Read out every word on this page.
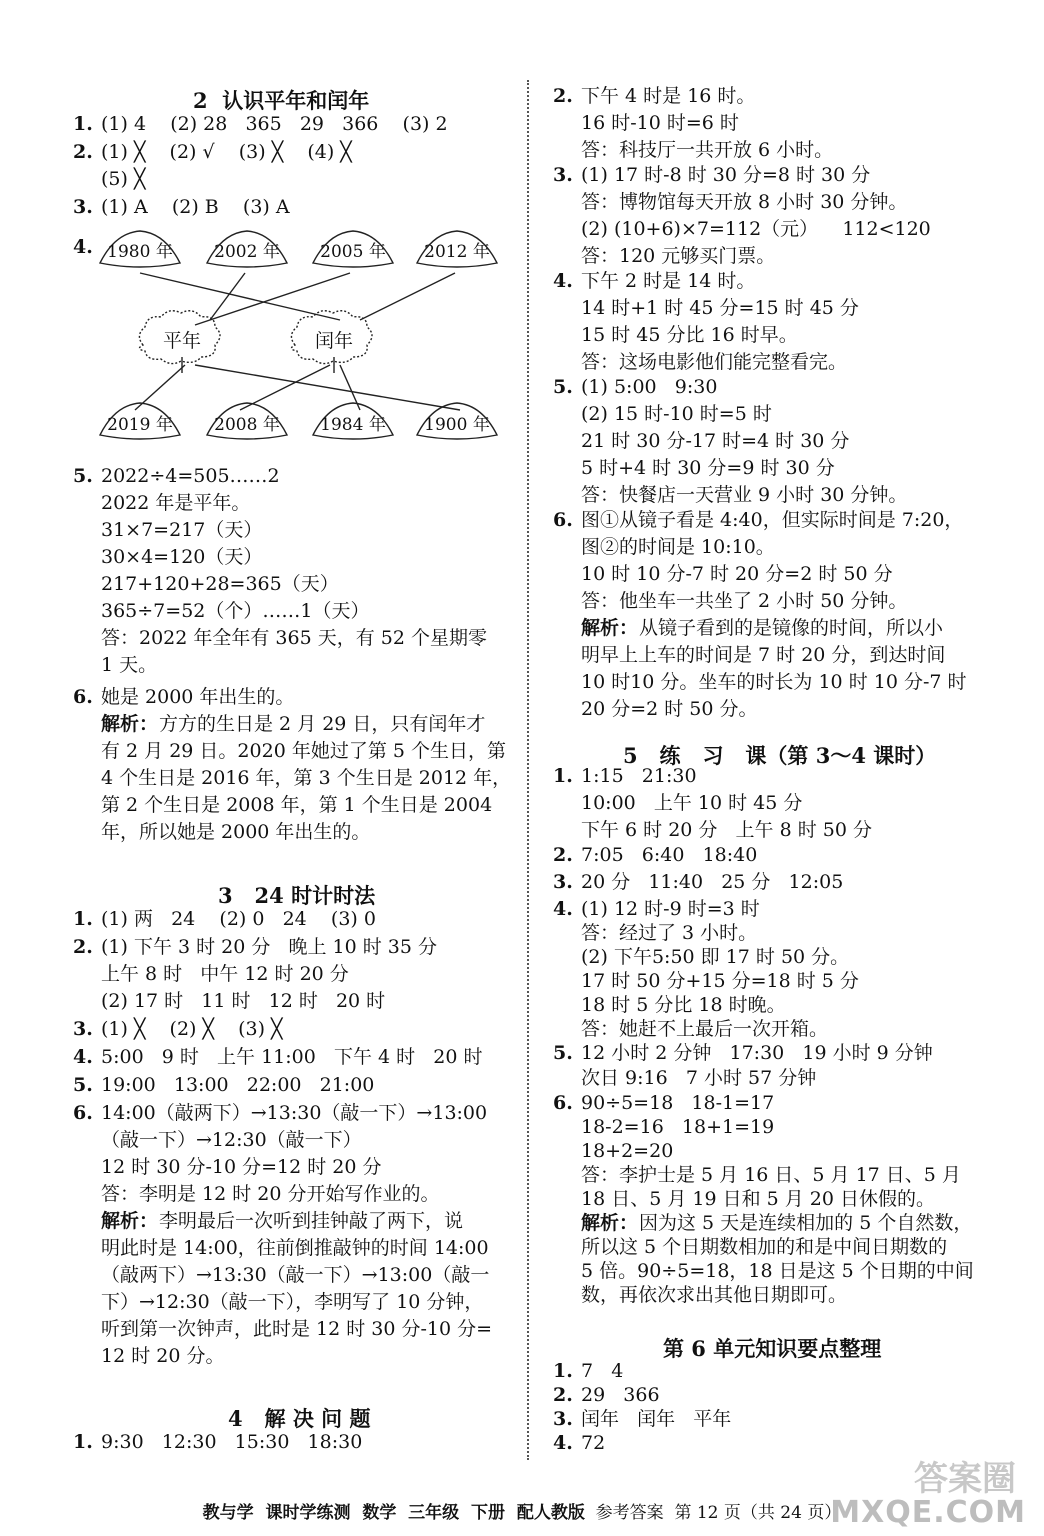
2  认识平年和闰年
1. (1) 4    (2) 28   365   29   366    (3) 2
2. (1) ╳    (2) √    (3) ╳    (4) ╳
(5) ╳
3. (1) A    (2) B    (3) A
4. 1980 年 2002 年 2005 年 2012 年
平年	闰年
2019 年 2008 年 1984 年 1900 年
5. 2022÷4=505……2
2022 年是平年。
31×7=217（天）
30×4=120（天）
217+120+28=365（天）
365÷7=52（个）……1（天）
答：2022 年全年有 365 天，有 52 个星期零
1 天。
6. 她是 2000 年出生的。
解析： 方方的生日是 2 月 29 日，只有闰年才
有 2 月 29 日。2020 年她过了第 5 个生日，第
4 个生日是 2016 年，第 3 个生日是 2012 年，
第 2 个生日是 2008 年，第 1 个生日是 2004
年，所以她是 2000 年出生的。
3   24 时计时法
1. (1) 两   24    (2) 0   24    (3) 0
2. (1) 下午 3 时 20 分   晚上 10 时 35 分
上午 8 时   中午 12 时 20 分
(2) 17 时   11 时   12 时   20 时
3. (1) ╳    (2) ╳    (3) ╳
4. 5:00   9 时   上午 11:00   下午 4 时   20 时
5. 19:00   13:00   22:00   21:00
6. 14:00（敲两下）→13:30（敲一下）→13:00
（敲一下）→12:30（敲一下）
12 时 30 分-10 分=12 时 20 分
答：李明是 12 时 20 分开始写作业的。
解析： 李明最后一次听到挂钟敲了两下，说
明此时是 14:00，往前倒推敲钟的时间 14:00
（敲两下）→13:30（敲一下）→13:00（敲一
下）→12:30（敲一下），李明写了 10 分钟，
听到第一次钟声，此时是 12 时 30 分-10 分=
12 时 20 分。
4   解 决 问 题
1. 9:30   12:30   15:30   18:30
2. 下午 4 时是 16 时。
16 时-10 时=6 时
答：科技厅一共开放 6 小时。
3. (1) 17 时-8 时 30 分=8 时 30 分
答：博物馆每天开放 8 小时 30 分钟。
(2) (10+6)×7=112（元）    112<120
答：120 元够买门票。
4. 下午 2 时是 14 时。
14 时+1 时 45 分=15 时 45 分
15 时 45 分比 16 时早。
答：这场电影他们能完整看完。
5. (1) 5:00   9:30
(2) 15 时-10 时=5 时
21 时 30 分-17 时=4 时 30 分
5 时+4 时 30 分=9 时 30 分
答：快餐店一天营业 9 小时 30 分钟。
6. 图①从镜子看是 4:40，但实际时间是 7:20，
图②的时间是 10:10。
10 时 10 分-7 时 20 分=2 时 50 分
答：他坐车一共坐了 2 小时 50 分钟。
解析： 从镜子看到的是镜像的时间，所以小
明早上上车的时间是 7 时 20 分，到达时间
10 时10 分。坐车的时长为 10 时 10 分-7 时
20 分=2 时 50 分。
5   练   习   课（第 3～4 课时）
1. 1:15   21:30
10:00   上午 10 时 45 分
下午 6 时 20 分   上午 8 时 50 分
2. 7:05   6:40   18:40
3. 20 分   11:40   25 分   12:05
4. (1) 12 时-9 时=3 时
答：经过了 3 小时。
(2) 下午5:50 即 17 时 50 分。
17 时 50 分+15 分=18 时 5 分
18 时 5 分比 18 时晚。
答：她赶不上最后一次开箱。
5. 12 小时 2 分钟   17:30   19 小时 9 分钟
次日 9:16   7 小时 57 分钟
6. 90÷5=18   18-1=17
18-2=16   18+1=19
18+2=20
答：李护士是 5 月 16 日、5 月 17 日、5 月
18 日、5 月 19 日和 5 月 20 日休假的。
解析： 因为这 5 天是连续相加的 5 个自然数，
所以这 5 个日期数相加的和是中间日期数的
5 倍。90÷5=18，18 日是这 5 个日期的中间
数，再依次求出其他日期即可。
第 6 单元知识要点整理
1. 7   4
2. 29   366
3. 闰年   闰年   平年
4. 72
教与学  课时学练测  数学  三年级  下册  配人教版  参考答案  第 12 页（共 24 页）
答案圈
MXQE.COM
